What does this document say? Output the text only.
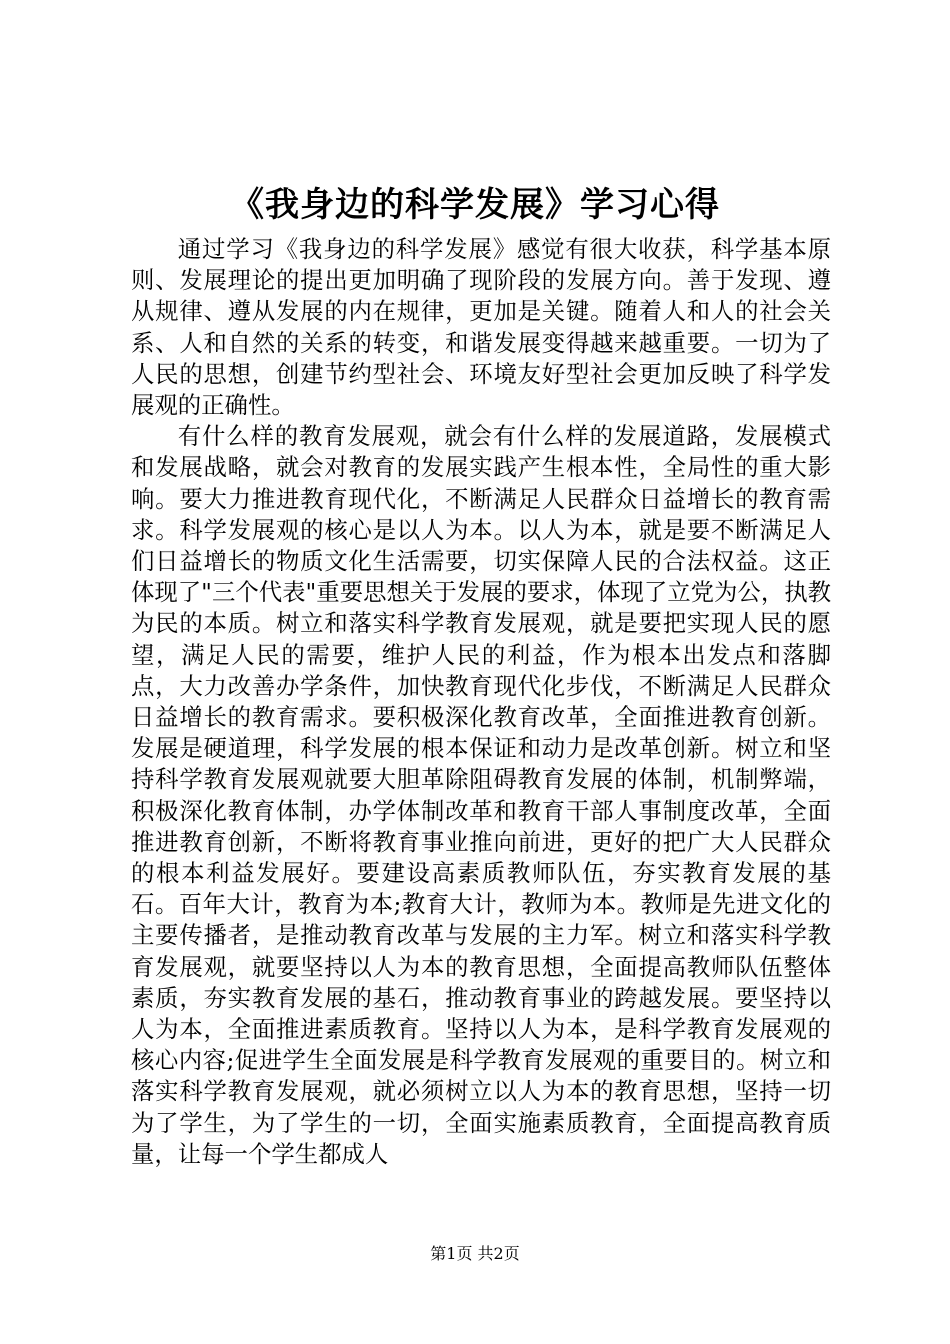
《我身边的科学发展》学习心得

通过学习《我身边的科学发展》感觉有很大收获，科学基本原则、发展理论的提出更加明确了现阶段的发展方向。善于发现、遵从规律、遵从发展的内在规律，更加是关键。随着人和人的社会关系、人和自然的关系的转变，和谐发展变得越来越重要。一切为了人民的思想，创建节约型社会、环境友好型社会更加反映了科学发展观的正确性。

有什么样的教育发展观，就会有什么样的发展道路，发展模式和发展战略，就会对教育的发展实践产生根本性，全局性的重大影响。要大力推进教育现代化，不断满足人民群众日益增长的教育需求。科学发展观的核心是以人为本。以人为本，就是要不断满足人们日益增长的物质文化生活需要，切实保障人民的合法权益。这正体现了"三个代表"重要思想关于发展的要求，体现了立党为公，执教为民的本质。树立和落实科学教育发展观，就是要把实现人民的愿望，满足人民的需要，维护人民的利益，作为根本出发点和落脚点，大力改善办学条件，加快教育现代化步伐，不断满足人民群众日益增长的教育需求。要积极深化教育改革，全面推进教育创新。发展是硬道理，科学发展的根本保证和动力是改革创新。树立和坚持科学教育发展观就要大胆革除阻碍教育发展的体制，机制弊端，积极深化教育体制，办学体制改革和教育干部人事制度改革，全面推进教育创新，不断将教育事业推向前进，更好的把广大人民群众的根本利益发展好。要建设高素质教师队伍，夯实教育发展的基石。百年大计，教育为本;教育大计，教师为本。教师是先进文化的主要传播者，是推动教育改革与发展的主力军。树立和落实科学教育发展观，就要坚持以人为本的教育思想，全面提高教师队伍整体素质，夯实教育发展的基石，推动教育事业的跨越发展。要坚持以人为本，全面推进素质教育。坚持以人为本，是科学教育发展观的核心内容;促进学生全面发展是科学教育发展观的重要目的。树立和落实科学教育发展观，就必须树立以人为本的教育思想，坚持一切为了学生，为了学生的一切，全面实施素质教育，全面提高教育质量，让每一个学生都成人

第1页 共2页
